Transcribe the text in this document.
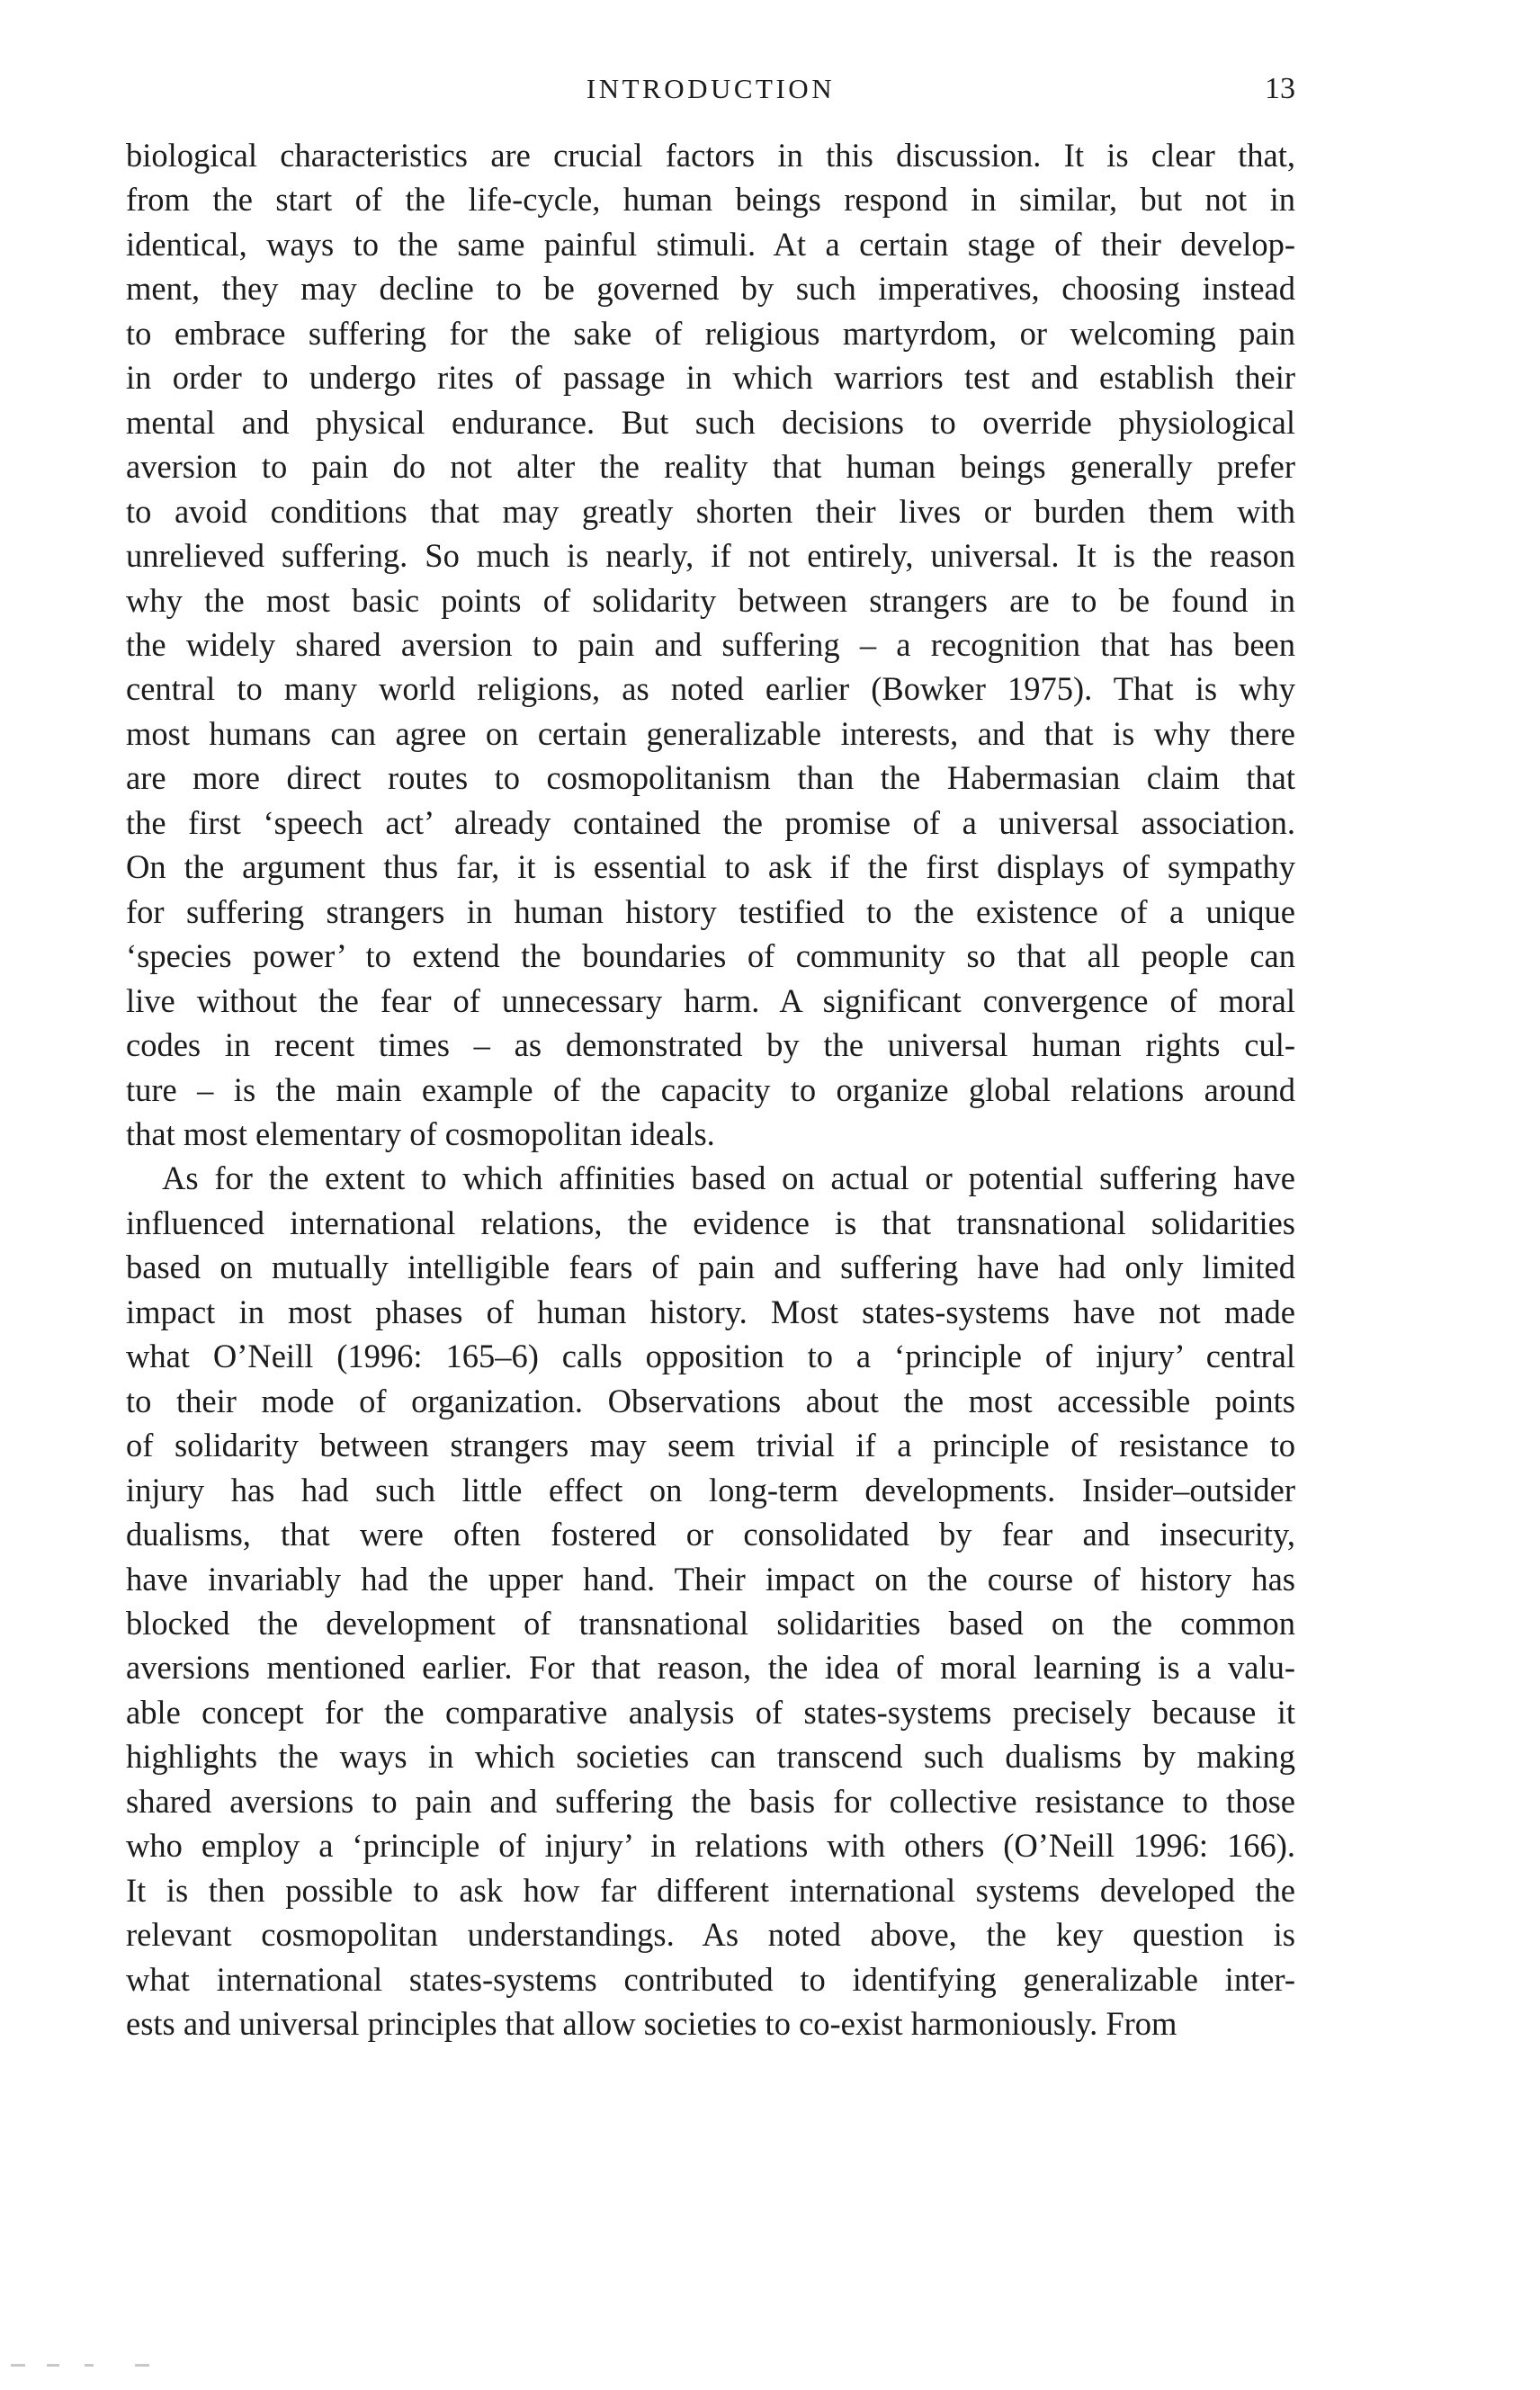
INTRODUCTION	13

biological characteristics are crucial factors in this discussion. It is clear that,
from the start of the life-cycle, human beings respond in similar, but not in
identical, ways to the same painful stimuli. At a certain stage of their develop-
ment, they may decline to be governed by such imperatives, choosing instead
to embrace suffering for the sake of religious martyrdom, or welcoming pain
in order to undergo rites of passage in which warriors test and establish their
mental and physical endurance. But such decisions to override physiological
aversion to pain do not alter the reality that human beings generally prefer
to avoid conditions that may greatly shorten their lives or burden them with
unrelieved suffering. So much is nearly, if not entirely, universal. It is the reason
why the most basic points of solidarity between strangers are to be found in
the widely shared aversion to pain and suffering – a recognition that has been
central to many world religions, as noted earlier (Bowker 1975). That is why
most humans can agree on certain generalizable interests, and that is why there
are more direct routes to cosmopolitanism than the Habermasian claim that
the first ‘speech act’ already contained the promise of a universal association.
On the argument thus far, it is essential to ask if the first displays of sympathy
for suffering strangers in human history testified to the existence of a unique
‘species power’ to extend the boundaries of community so that all people can
live without the fear of unnecessary harm. A significant convergence of moral
codes in recent times – as demonstrated by the universal human rights cul-
ture – is the main example of the capacity to organize global relations around
that most elementary of cosmopolitan ideals.

As for the extent to which affinities based on actual or potential suffering have
influenced international relations, the evidence is that transnational solidarities
based on mutually intelligible fears of pain and suffering have had only limited
impact in most phases of human history. Most states-systems have not made
what O’Neill (1996: 165–6) calls opposition to a ‘principle of injury’ central
to their mode of organization. Observations about the most accessible points
of solidarity between strangers may seem trivial if a principle of resistance to
injury has had such little effect on long-term developments. Insider–outsider
dualisms, that were often fostered or consolidated by fear and insecurity,
have invariably had the upper hand. Their impact on the course of history has
blocked the development of transnational solidarities based on the common
aversions mentioned earlier. For that reason, the idea of moral learning is a valu-
able concept for the comparative analysis of states-systems precisely because it
highlights the ways in which societies can transcend such dualisms by making
shared aversions to pain and suffering the basis for collective resistance to those
who employ a ‘principle of injury’ in relations with others (O’Neill 1996: 166).
It is then possible to ask how far different international systems developed the
relevant cosmopolitan understandings. As noted above, the key question is
what international states-systems contributed to identifying generalizable inter-
ests and universal principles that allow societies to co-exist harmoniously. From
